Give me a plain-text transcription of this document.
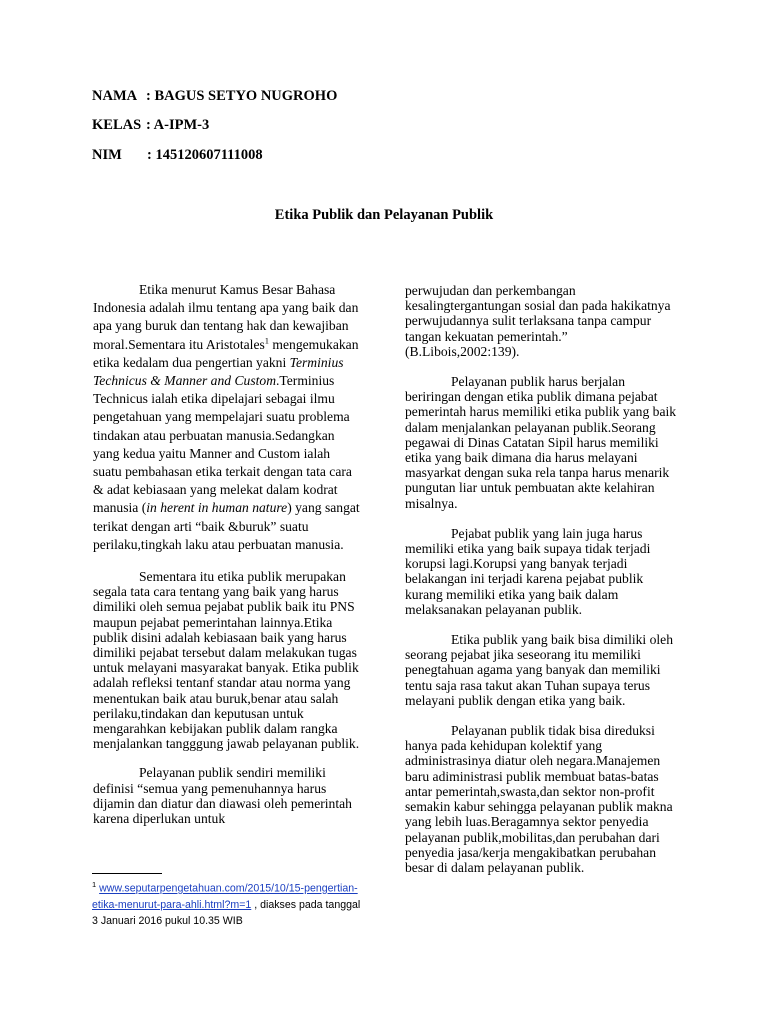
NAMA : BAGUS SETYO NUGROHO
KELAS : A-IPM-3
NIM : 145120607111008
Etika Publik dan Pelayanan Publik

Etika menurut Kamus Besar Bahasa Indonesia adalah ilmu tentang apa yang baik dan apa yang buruk dan tentang hak dan kewajiban moral.Sementara itu Aristotales$^1$ mengemukakan etika kedalam dua pengertian yakni Terminius Technicus & Manner and Custom.Terminius Technicus ialah etika dipelajari sebagai ilmu pengetahuan yang mempelajari suatu problema tindakan atau perbuatan manusia.Sedangkan yang kedua yaitu Manner and Custom ialah suatu pembahasan etika terkait dengan tata cara & adat kebiasaan yang melekat dalam kodrat manusia (in herent in human nature) yang sangat terikat dengan arti “baik &buruk” suatu perilaku,tingkah laku atau perbuatan manusia.

Sementara itu etika publik merupakan segala tata cara tentang yang baik yang harus dimiliki oleh semua pejabat publik baik itu PNS maupun pejabat pemerintahan lainnya.Etika publik disini adalah kebiasaan baik yang harus dimiliki pejabat tersebut dalam melakukan tugas untuk melayani masyarakat banyak. Etika publik adalah refleksi tentanf standar atau norma yang menentukan baik atau buruk,benar atau salah perilaku,tindakan dan keputusan untuk mengarahkan kebijakan publik dalam rangka menjalankan tangggung jawab pelayanan publik.

Pelayanan publik sendiri memiliki definisi “semua yang pemenuhannya harus dijamin dan diatur dan diawasi oleh pemerintah karena diperlukan untuk

perwujudan dan perkembangan kesalingtergantungan sosial dan pada hakikatnya perwujudannya sulit terlaksana tanpa campur tangan kekuatan pemerintah.” (B.Libois,2002:139).

Pelayanan publik harus berjalan beriringan dengan etika publik dimana pejabat pemerintah harus memiliki etika publik yang baik dalam menjalankan pelayanan publik.Seorang pegawai di Dinas Catatan Sipil harus memiliki etika yang baik dimana dia harus melayani masyarkat dengan suka rela tanpa harus menarik pungutan liar untuk pembuatan akte kelahiran misalnya.

Pejabat publik yang lain juga harus memiliki etika yang baik supaya tidak terjadi korupsi lagi.Korupsi yang banyak terjadi belakangan ini terjadi karena pejabat publik kurang memiliki etika yang baik dalam melaksanakan pelayanan publik.

Etika publik yang baik bisa dimiliki oleh seorang pejabat jika seseorang itu memiliki penegtahuan agama yang banyak dan memiliki tentu saja rasa takut akan Tuhan supaya terus melayani publik dengan etika yang baik.

Pelayanan publik tidak bisa direduksi hanya pada kehidupan kolektif yang administrasinya diatur oleh negara.Manajemen baru adiministrasi publik membuat batas-batas antar pemerintah,swasta,dan sektor non-profit semakin kabur sehingga pelayanan publik makna yang lebih luas.Beragamnya sektor penyedia pelayanan publik,mobilitas,dan perubahan dari penyedia jasa/kerja mengakibatkan perubahan besar di dalam pelayanan publik.

$^1$ www.seputarpengetahuan.com/2015/10/15-pengertian-etika-menurut-para-ahli.html?m=1 , diakses pada tanggal 3 Januari 2016 pukul 10.35 WIB
